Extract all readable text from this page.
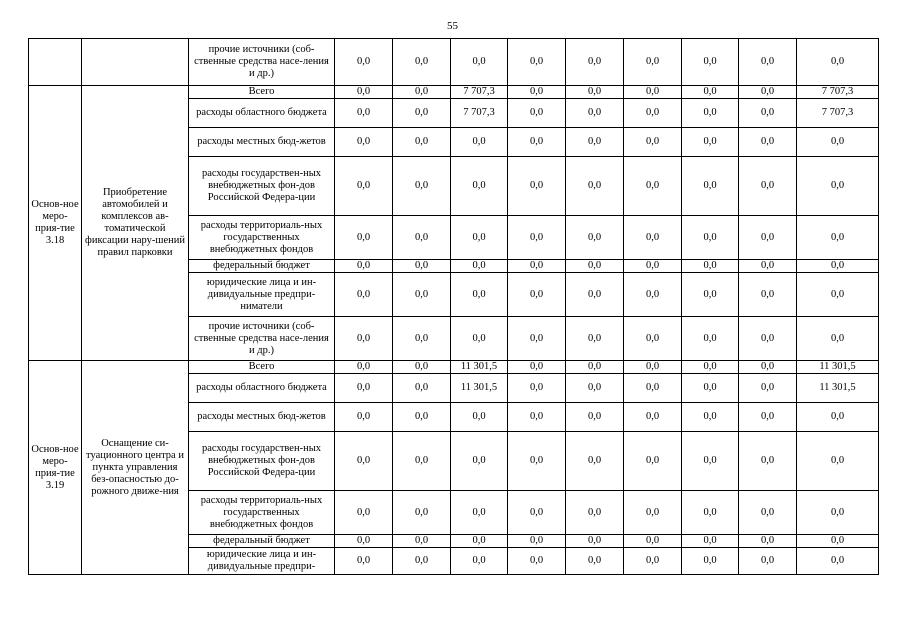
55
		прочие источники (соб-ственные средства насе-ления и др.)	0,0	0,0	0,0	0,0	0,0	0,0	0,0	0,0	0,0
Основ-ное меро-прия-тие 3.18	Приобретение автомобилей и комплексов ав-томатической фиксации нару-шений правил парковки	Всего	0,0	0,0	7 707,3	0,0	0,0	0,0	0,0	0,0	7 707,3
		расходы областного бюджета	0,0	0,0	7 707,3	0,0	0,0	0,0	0,0	0,0	7 707,3
		расходы местных бюд-жетов	0,0	0,0	0,0	0,0	0,0	0,0	0,0	0,0	0,0
		расходы государствен-ных внебюджетных фон-дов Российской Федера-ции	0,0	0,0	0,0	0,0	0,0	0,0	0,0	0,0	0,0
		расходы территориаль-ных государственных внебюджетных фондов	0,0	0,0	0,0	0,0	0,0	0,0	0,0	0,0	0,0
		федеральный бюджет	0,0	0,0	0,0	0,0	0,0	0,0	0,0	0,0	0,0
		юридические лица и ин-дивидуальные предпри-ниматели	0,0	0,0	0,0	0,0	0,0	0,0	0,0	0,0	0,0
		прочие источники (соб-ственные средства насе-ления и др.)	0,0	0,0	0,0	0,0	0,0	0,0	0,0	0,0	0,0
Основ-ное меро-прия-тие 3.19	Оснащение си-туационного центра и пункта управления без-опасностью до-рожного движе-ния	Всего	0,0	0,0	11 301,5	0,0	0,0	0,0	0,0	0,0	11 301,5
		расходы областного бюджета	0,0	0,0	11 301,5	0,0	0,0	0,0	0,0	0,0	11 301,5
		расходы местных бюд-жетов	0,0	0,0	0,0	0,0	0,0	0,0	0,0	0,0	0,0
		расходы государствен-ных внебюджетных фон-дов Российской Федера-ции	0,0	0,0	0,0	0,0	0,0	0,0	0,0	0,0	0,0
		расходы территориаль-ных государственных внебюджетных фондов	0,0	0,0	0,0	0,0	0,0	0,0	0,0	0,0	0,0
		федеральный бюджет	0,0	0,0	0,0	0,0	0,0	0,0	0,0	0,0	0,0
		юридические лица и ин-дивидуальные предпри-	0,0	0,0	0,0	0,0	0,0	0,0	0,0	0,0	0,0
